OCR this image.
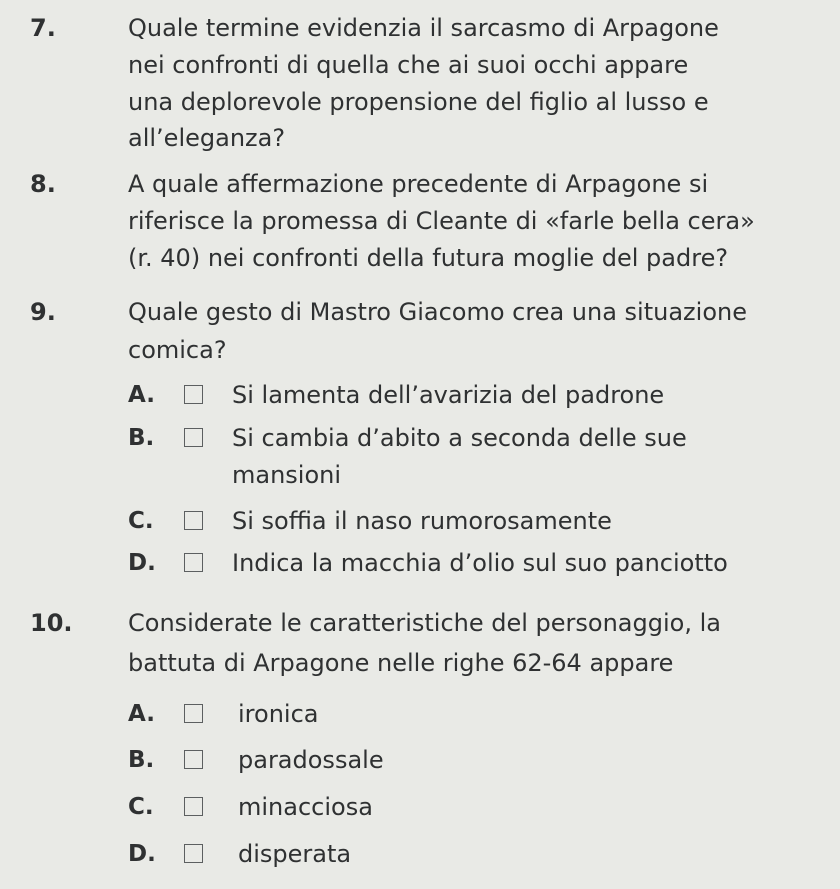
7.	Quale termine evidenzia il sarcasmo di Arpagone
nei confronti di quella che ai suoi occhi appare
una deplorevole propensione del figlio al lusso e
all’eleganza?
8.	A quale affermazione precedente di Arpagone si
riferisce la promessa di Cleante di «farle bella cera»
(r. 40) nei confronti della futura moglie del padre?
9.	Quale gesto di Mastro Giacomo crea una situazione
comica?
A.	Si lamenta dell’avarizia del padrone
B.	Si cambia d’abito a seconda delle sue
mansioni
C.	Si soffia il naso rumorosamente
D.	Indica la macchia d’olio sul suo panciotto
10. Considerate le caratteristiche del personaggio, la
battuta di Arpagone nelle righe 62-64 appare
A.	ironica
B.	paradossale
C.	minacciosa
D.	disperata
